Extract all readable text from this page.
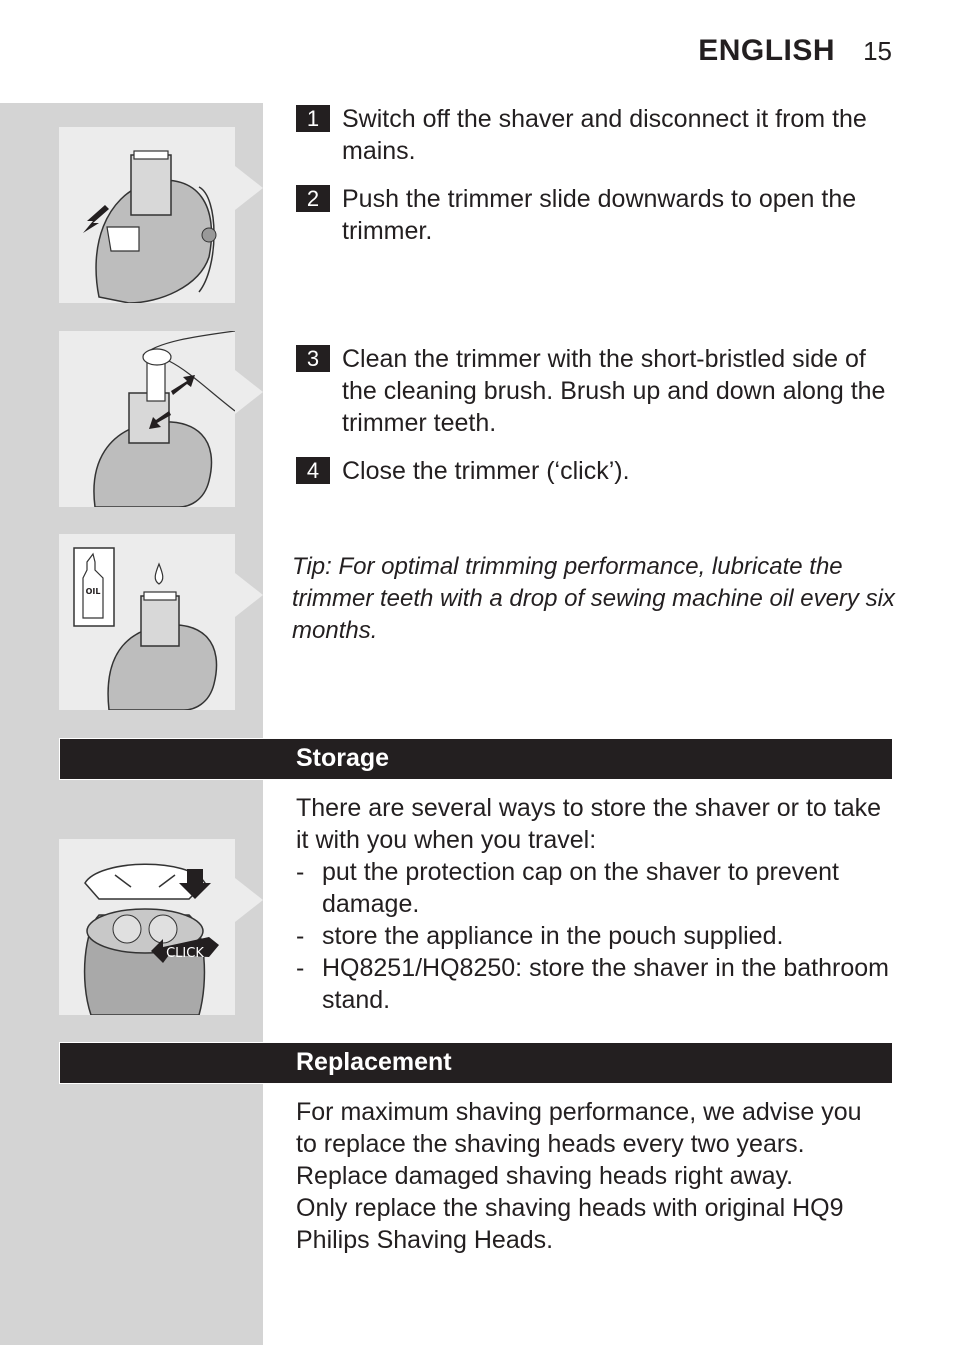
ENGLISH 15
OIL
1 Switch off the shaver and disconnect it from the mains.
2 Push the trimmer slide downwards to open the trimmer.
3 Clean the trimmer with the short-bristled side of the cleaning brush. Brush up and down along the trimmer teeth.
4 Close the trimmer (‘click’).
Tip: For optimal trimming performance, lubricate the trimmer teeth with a drop of sewing machine oil every six months.
Storage
CLICK

There are several ways to store the shaver or to take it with you when you travel:

- put the protection cap on the shaver to prevent damage.
- store the appliance in the pouch supplied.
- HQ8251/HQ8250: store the shaver in the bathroom stand.
Replacement

For maximum shaving performance, we advise you to replace the shaving heads every two years. Replace damaged shaving heads right away.

Only replace the shaving heads with original HQ9 Philips Shaving Heads.
